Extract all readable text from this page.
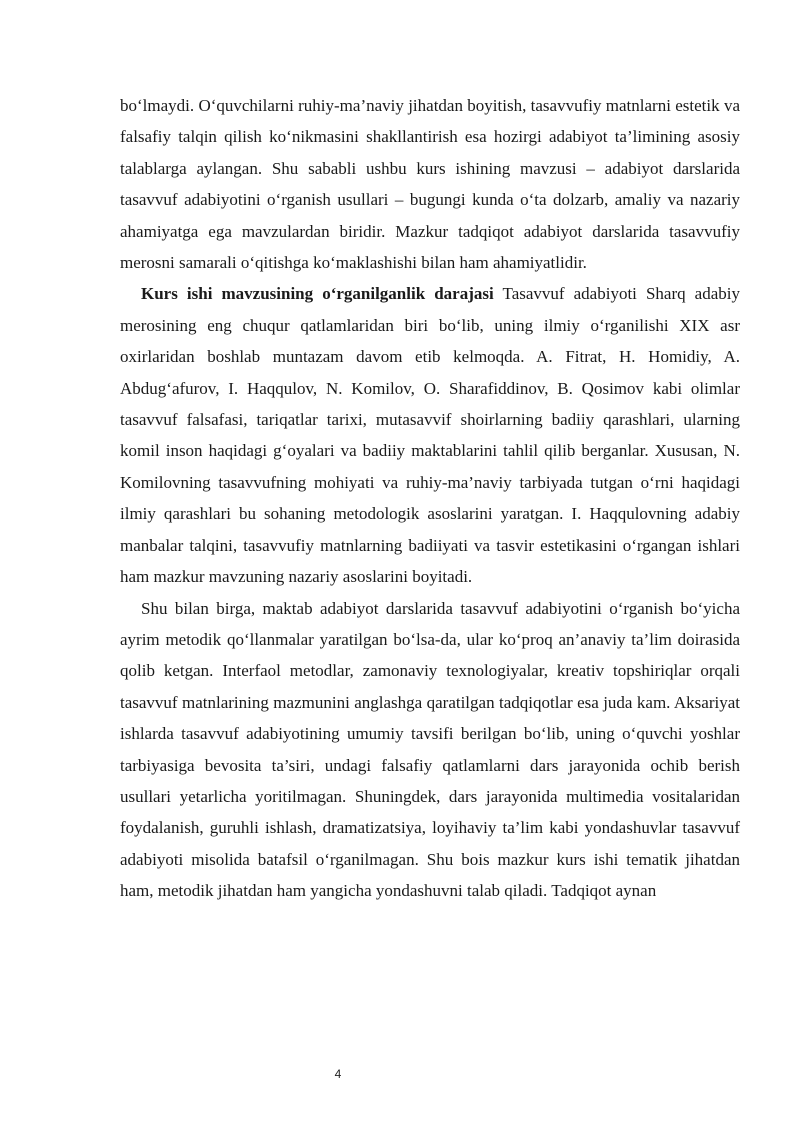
bo‘lmaydi. O‘quvchilarni ruhiy-ma’naviy jihatdan boyitish, tasavvufiy matnlarni estetik va falsafiy talqin qilish ko‘nikmasini shakllantirish esa hozirgi adabiyot ta’limining asosiy talablarga aylangan. Shu sababli ushbu kurs ishining mavzusi – adabiyot darslarida tasavvuf adabiyotini o‘rganish usullari – bugungi kunda o‘ta dolzarb, amaliy va nazariy ahamiyatga ega mavzulardan biridir. Mazkur tadqiqot adabiyot darslarida tasavvufiy merosni samarali o‘qitishga ko‘maklashishi bilan ham ahamiyatlidir.

Kurs ishi mavzusining o‘rganilganlik darajasi Tasavvuf adabiyoti Sharq adabiy merosining eng chuqur qatlamlaridan biri bo‘lib, uning ilmiy o‘rganilishi XIX asr oxirlaridan boshlab muntazam davom etib kelmoqda. A. Fitrat, H. Homidiy, A. Abdug‘afurov, I. Haqqulov, N. Komilov, O. Sharafiddinov, B. Qosimov kabi olimlar tasavvuf falsafasi, tariqatlar tarixi, mutasavvif shoirlarning badiiy qarashlari, ularning komil inson haqidagi g‘oyalari va badiiy maktablarini tahlil qilib berganlar. Xususan, N. Komilovning tasavvufning mohiyati va ruhiy-ma’naviy tarbiyada tutgan o‘rni haqidagi ilmiy qarashlari bu sohaning metodologik asoslarini yaratgan. I. Haqqulovning adabiy manbalar talqini, tasavvufiy matnlarning badiiyati va tasvir estetikasini o‘rgangan ishlari ham mazkur mavzuning nazariy asoslarini boyitadi.

Shu bilan birga, maktab adabiyot darslarida tasavvuf adabiyotini o‘rganish bo‘yicha ayrim metodik qo‘llanmalar yaratilgan bo‘lsa-da, ular ko‘proq an’anaviy ta’lim doirasida qolib ketgan. Interfaol metodlar, zamonaviy texnologiyalar, kreativ topshiriqlar orqali tasavvuf matnlarining mazmunini anglashga qaratilgan tadqiqotlar esa juda kam. Aksariyat ishlarda tasavvuf adabiyotining umumiy tavsifi berilgan bo‘lib, uning o‘quvchi yoshlar tarbiyasiga bevosita ta’siri, undagi falsafiy qatlamlarni dars jarayonida ochib berish usullari yetarlicha yoritilmagan. Shuningdek, dars jarayonida multimedia vositalaridan foydalanish, guruhli ishlash, dramatizatsiya, loyihaviy ta’lim kabi yondashuvlar tasavvuf adabiyoti misolida batafsil o‘rganilmagan. Shu bois mazkur kurs ishi tematik jihatdan ham, metodik jihatdan ham yangicha yondashuvni talab qiladi. Tadqiqot aynan

4
